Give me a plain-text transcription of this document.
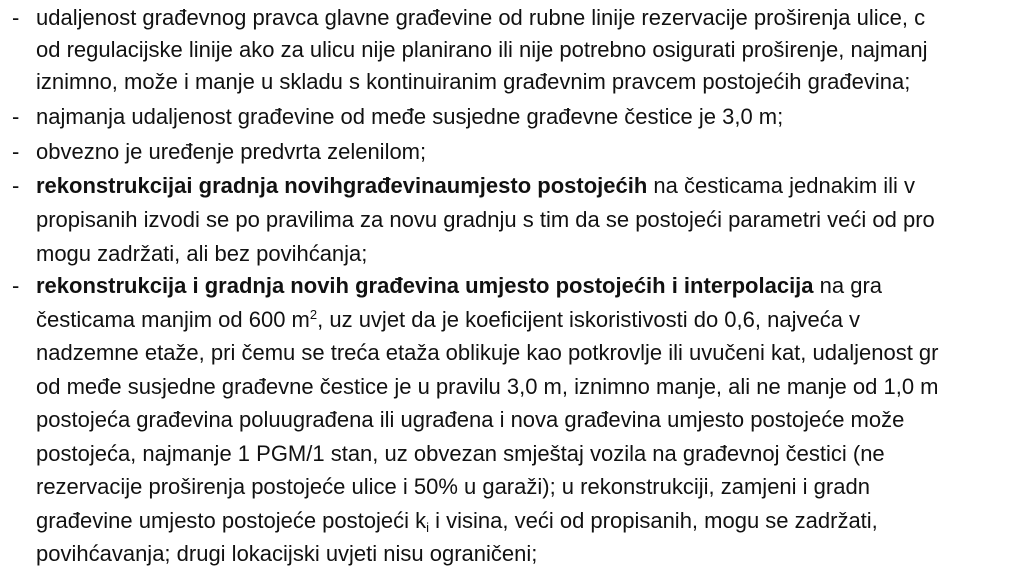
- udaljenost građevnog pravca glavne građevine od rubne linije rezervacije proširenja ulice, c
od regulacijske linije ako za ulicu nije planirano ili nije potrebno osigurati proširenje, najmanj
iznimno, može i manje u skladu s kontinuiranim građevnim pravcem postojećih građevina;
- najmanja udaljenost građevine od međe susjedne građevne čestice je 3,0 m;
- obvezno je uređenje predvrta zelenilom;
- rekonstrukcijai gradnja novihgrađevinaumjesto postojećih na česticama jednakim ili v
propisanih izvodi se po pravilima za novu gradnju s tim da se postojeći parametri veći od pro
mogu zadržati, ali bez povihćanja;
- rekonstrukcija i gradnja novih građevina umjesto postojećih i interpolacija na gra
česticama manjim od 600 $m^2$, uz uvjet da je koeficijent iskoristivosti do 0,6, najveća v
nadzemne etaže, pri čemu se treća etaža oblikuje kao potkrovlje ili uvučeni kat, udaljenost gr
od međe susjedne građevne čestice je u pravilu 3,0 m, iznimno manje, ali ne manje od 1,0 m
postojeća građevina poluugrađena ili ugrađena i nova građevina umjesto postojeće može
postojeća, najmanje 1 PGM/1 stan, uz obvezan smještaj vozila na građevnoj čestici (ne
rezervacije proširenja postojeće ulice i 50% u garaži); u rekonstrukciji, zamjeni i gradn
građevine umjesto postojeće postojeći $k_i$ i visina, veći od propisanih, mogu se zadržati,
povihćavanja; drugi lokacijski uvjeti nisu ograničeni;
